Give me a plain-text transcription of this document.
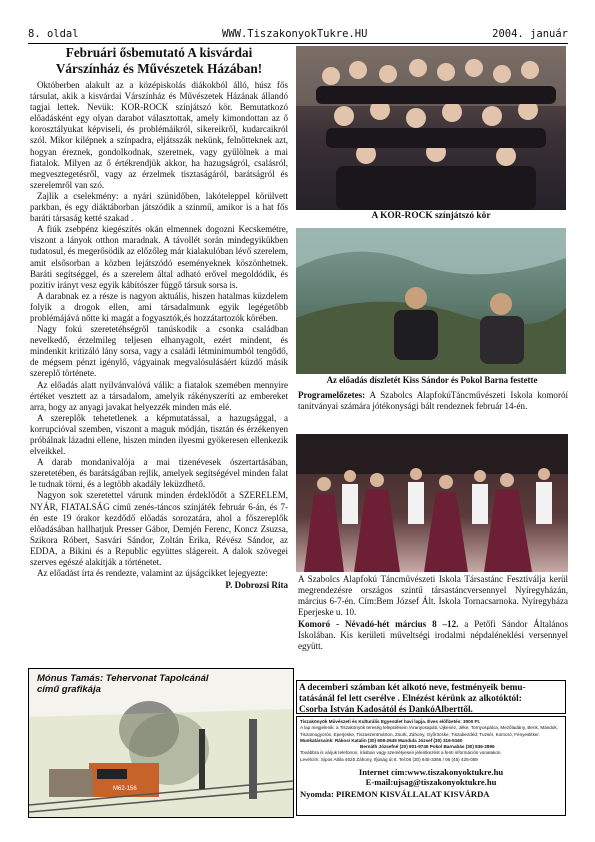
8. oldal	WWW.TiszakonyokTukre.HU	2004. január
Februári ősbemutató A kisvárdai
Várszínház és Művészetek Házában!

Októberben alakult az a középiskolás diákokból álló, húsz fős társulat, akik a kisvárdai Várszínház és Művészetek Házának állandó tagjai lettek. Nevük: KOR-ROCK színjátszó kör. Bemutatkozó előadásként egy olyan darabot választottak, amely kimondottan az ő korosztályukat képviseli, és problémáikról, sikereikről, kudarcaikról szól. Mikor kilépnek a színpadra, eljátsszák nekünk, felnőtteknek azt, hogyan éreznek, gondolkodnak, szeretnek, vagy gyűlölnek a mai fiatalok. Milyen az ő értékrendjük akkor, ha hazugságról, csalásról, megvesztegetésről, vagy az érzelmek tisztaságáról, barátságról és szerelemről van szó.

Zajlik a cselekmény: a nyári szünidőben, lakóteleppel körülvett parkban, és egy diáktáborban játszódik a szinmű, amikor is a hat fős baráti társaság ketté szakad .

A fiúk zsebpénz kiegészítés okán elmennek dogozni Kecskemétre, viszont a lányok otthon maradnak. A távollét során mindegyikükben tudatosul, és megerősödik az előzőleg már kialakulóban lévő szerelem, amit elsősorban a közben lejátszódó eseményeknek köszönhetnek. Baráti segítséggel, és a szerelem által adható erővel megoldódik, és pozitív irányt vesz egyik kábítószer függő társuk sorsa is.

A darabnak ez a része is nagyon aktuális, hiszen hatalmas küzdelem folyik a drogok ellen, ami társadalmunk egyik legégetőbb problémájává nőtte ki magát a fogyasztók,és hozzátartozók körében.

Nagy fokú szeretetéhségről tanúskodik a csonka családban nevelkedő, érzelmileg teljesen elhanyagolt, ezért mindent, és mindenkit kritizáló lány sorsa, vagy a családi létminimumból tengődő, de mégsem pénzt igénylő, vágyainak megvalósulásáért küzdő másik szereplő története.

Az előadás alatt nyilvánvalóvá válik: a fiatalok szemében mennyire értéket vesztett az a társadalom, amelyik rákényszeríti az embereket arra, hogy az anyagi javakat helyezzék minden más elé.

A szereplők tehetetlenek a képmutatással, a hazugsággal, a korrupcióval szemben, viszont a maguk módján, tisztán és érzékenyen próbálnak lázadni ellene, hiszen minden ilyesmi gyökeresen ellenkezik elveikkel.

A darab mondanivalója a mai tizenévesek ószertartásában, szeretetében, és barátságában rejlik, amelyek segítségével minden falat le tudnak törni, és a legtöbb akadály leküzdhető.

Nagyon sok szeretettel várunk minden érdeklődőt a SZERELEM, NYÁR, FIATALSÁG című zenés-táncos színjáték február 6-án, és 7-én este 19 órakor kezdődő előadás sorozatára, ahol a főszereplők előadásában hallhatjuk Presser Gábor, Demjén Ferenc, Koncz Zsuzsa, Szikora Róbert, Sasvári Sándor, Zoltán Erika, Révész Sándor, az EDDA, a Bikini és a Republic együttes slágereit. A dalok szövegei szerves egészé alakítják a történetet.

Az előadást írta és rendezte, valamint az újságcikket lejegyezte:

P. Dobrozsi Rita
A KOR-ROCK színjátszó kör
Az előadás díszletét Kiss Sándor és Pokol Barna festette

Programelőzetes: A Szabolcs AlapfokúTáncművészeti Iskola komoróí tanítványai számára jótékonysági bált rendeznek február 14-én.

A Szabolcs Alapfokú Táncművészeti Iskola Társastánc Fesztiválja kerül megrendezésre országos szintű társastáncversennyel Nyíregyházán, március 6-7-én. Cím:Bem József Ált. Iskola Tornacsarnoka. Nyíregyháza Eperjeske u. 10.

Komoró - Névadó-hét március 8 –12. a Petőfi Sándor Általános Iskolában. Kis kerületi műveltségi irodalmi népdaléneklési versennyel együtt.

M62-156
Mónus Tamás: Tehervonat Tapolcánál
című grafikája	A decemberi számban két alkotó neve, festményeik bemu-
tatásánál fel lett cserélve . Elnézést kérünk az alkotóktól:
Csorba István Kadosától és DankóAlberttől.
Tiszakönyök Művészeti és Kulturális Egyesület havi lapja. Éves előfizetés: 3000 Ft.
A lap megjelenik: a Tiszakönyök tereség településein /Aranyosapáti, Újkenéz, Jéke, Tornyospálca, Mezőladány, Benk, Mándok, Tiszamogyorós, Eperjeske, Tiszaszentmárton, Zsurk, Záhony, Győröcske, Tiszabezdéd, Tuzsér, Komoró, Fényeslitke/.
Munkatársaink: Rákosi Katalin (30) 608-2645 Mandula József (30) 316-5160
Bernáth Józsefné (20) 801-9745 Pokol Barnabás (30) 836-2895
Továbbra is várjuk telefonon, írásban vagy személyesen jelentkezést a fenti információs vonalakon.
Levélcím: Sipos Attila 4625 Záhony, Ifjúság út 6. Tel:06 (30) 645-3366 / 06 (45) 425-059
Internet cím:www.tiszakonyoktukre.hu
E-mail:ujsag@tiszakonyoktukre.hu
Nyomda: PIREMON KISVÁLLALAT KISVÁRDA
